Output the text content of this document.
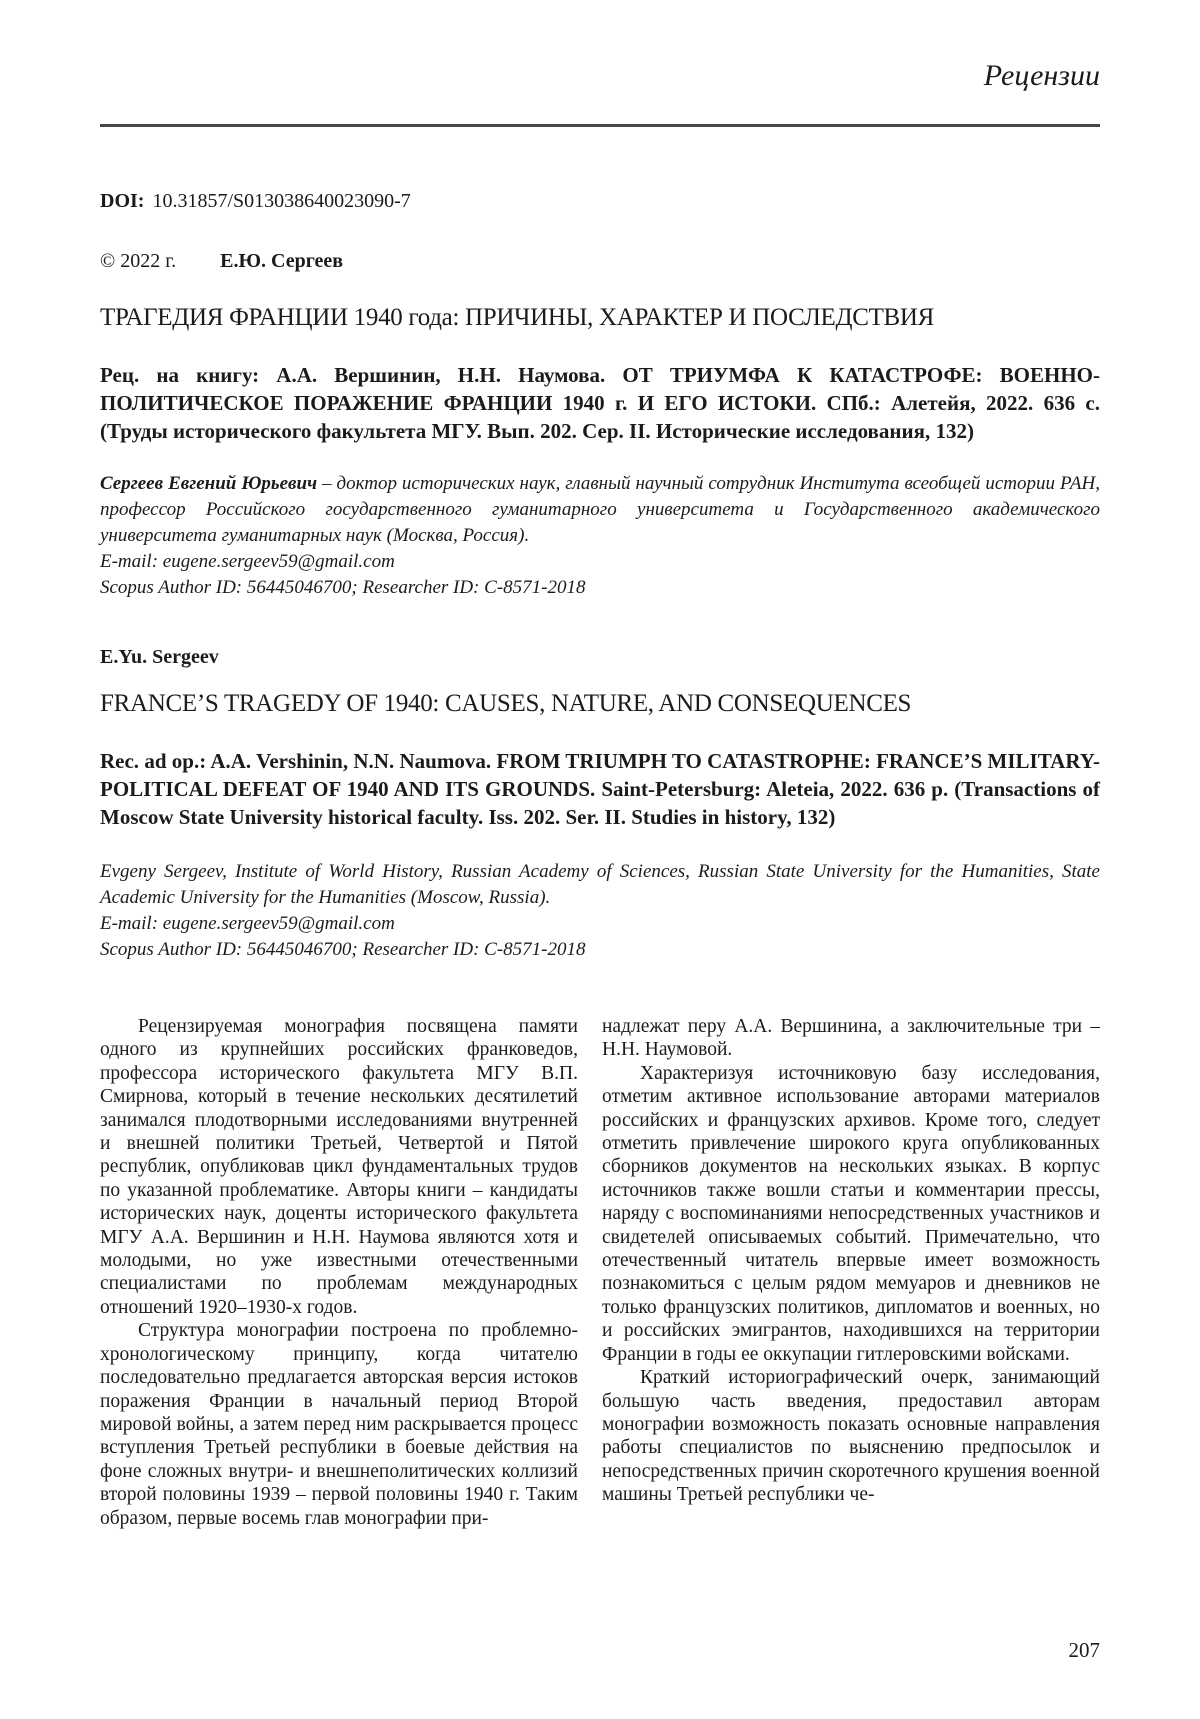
Рецензии
DOI: 10.31857/S013038640023090-7
© 2022 г. Е.Ю. Сергеев
ТРАГЕДИЯ ФРАНЦИИ 1940 года: ПРИЧИНЫ, ХАРАКТЕР И ПОСЛЕДСТВИЯ

Рец. на книгу: А.А. Вершинин, Н.Н. Наумова. ОТ ТРИУМФА К КАТАСТРОФЕ: ВОЕННО-ПОЛИТИЧЕСКОЕ ПОРАЖЕНИЕ ФРАНЦИИ 1940 г. И ЕГО ИСТОКИ. СПб.: Алетейя, 2022. 636 с. (Труды исторического факультета МГУ. Вып. 202. Сер. II. Исторические исследования, 132)

Сергеев Евгений Юрьевич – доктор исторических наук, главный научный сотрудник Института всеобщей истории РАН, профессор Российского государственного гуманитарного университета и Государственного академического университета гуманитарных наук (Москва, Россия).

E-mail: eugene.sergeev59@gmail.com

Scopus Author ID: 56445046700; Researcher ID: C-8571-2018

E.Yu. Sergeev
FRANCE’S TRAGEDY OF 1940: CAUSES, NATURE, AND CONSEQUENCES

Rec. ad op.: A.A. Vershinin, N.N. Naumova. FROM TRIUMPH TO CATASTROPHE: FRANCE’S MILITARY-POLITICAL DEFEAT OF 1940 AND ITS GROUNDS. Saint-Petersburg: Aleteia, 2022. 636 p. (Transactions of Moscow State University historical faculty. Iss. 202. Ser. II. Studies in history, 132)

Evgeny Sergeev, Institute of World History, Russian Academy of Sciences, Russian State University for the Humanities, State Academic University for the Humanities (Moscow, Russia).

E-mail: eugene.sergeev59@gmail.com

Scopus Author ID: 56445046700; Researcher ID: C-8571-2018

Рецензируемая монография посвящена памяти одного из крупнейших российских франковедов, профессора исторического факультета МГУ В.П. Смирнова, который в течение нескольких десятилетий занимался плодотворными исследованиями внутренней и внешней политики Третьей, Четвертой и Пятой республик, опубликовав цикл фундаментальных трудов по указанной проблематике. Авторы книги – кандидаты исторических наук, доценты исторического факультета МГУ А.А. Вершинин и Н.Н. Наумова являются хотя и молодыми, но уже известными отечественными специалистами по проблемам международных отношений 1920–1930-х годов.

Структура монографии построена по проблемно-хронологическому принципу, когда читателю последовательно предлагается авторская версия истоков поражения Франции в начальный период Второй мировой войны, а затем перед ним раскрывается процесс вступления Третьей республики в боевые действия на фоне сложных внутри- и внешнеполитических коллизий второй половины 1939 – первой половины 1940 г. Таким образом, первые восемь глав монографии при-

надлежат перу А.А. Вершинина, а заключительные три – Н.Н. Наумовой.

Характеризуя источниковую базу исследования, отметим активное использование авторами материалов российских и французских архивов. Кроме того, следует отметить привлечение широкого круга опубликованных сборников документов на нескольких языках. В корпус источников также вошли статьи и комментарии прессы, наряду с воспоминаниями непосредственных участников и свидетелей описываемых событий. Примечательно, что отечественный читатель впервые имеет возможность познакомиться с целым рядом мемуаров и дневников не только французских политиков, дипломатов и военных, но и российских эмигрантов, находившихся на территории Франции в годы ее оккупации гитлеровскими войсками.

Краткий историографический очерк, занимающий большую часть введения, предоставил авторам монографии возможность показать основные направления работы специалистов по выяснению предпосылок и непосредственных причин скоротечного крушения военной машины Третьей республики че-

207
